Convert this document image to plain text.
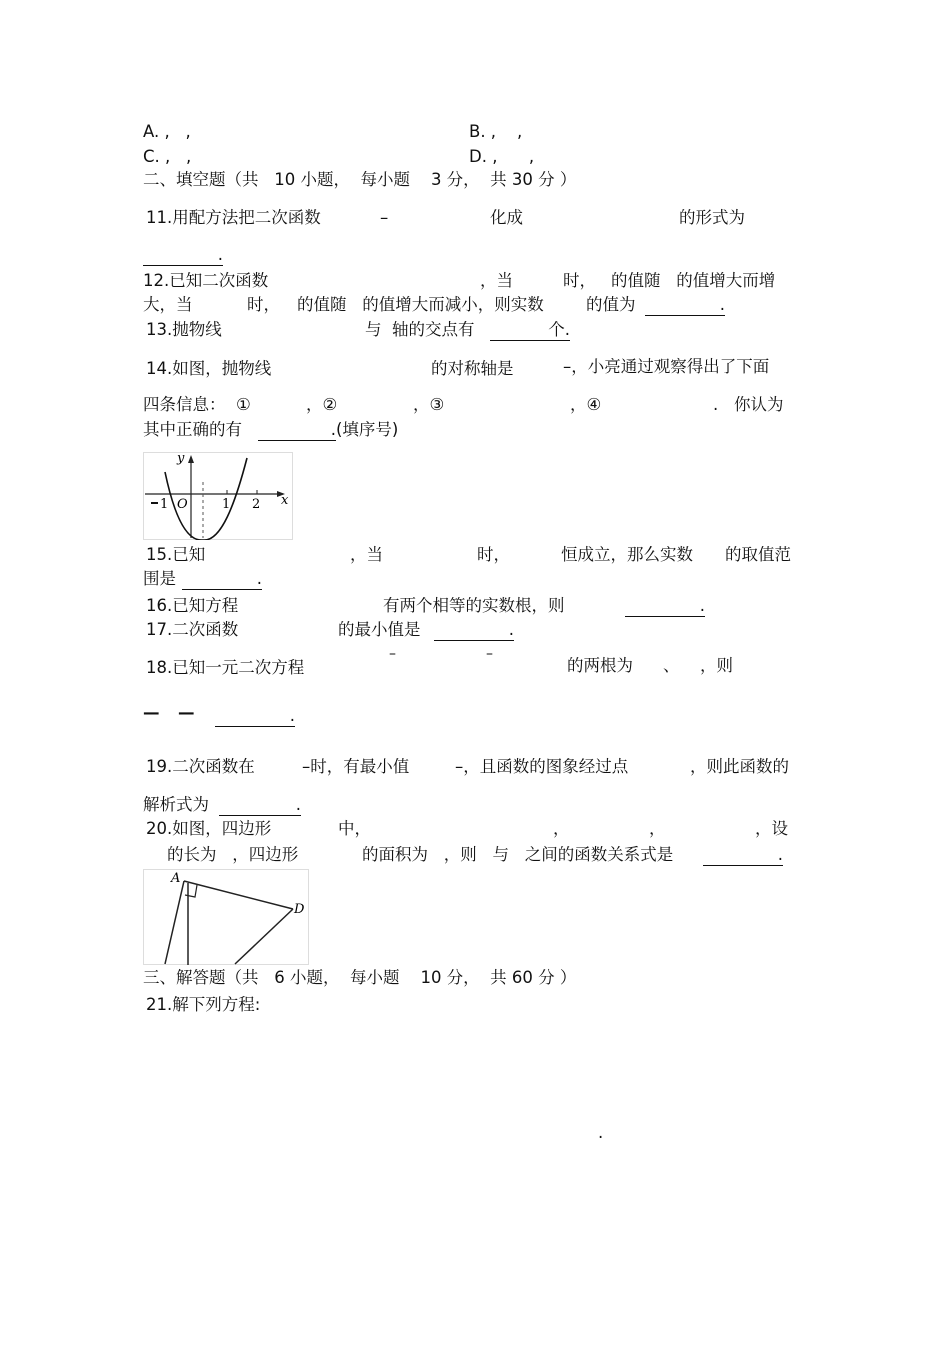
A. ,   ,	B. ,    ,
C. ,   ,	D. ,      ,
二、填空题（共   10 小题，  每小题    3 分，  共 30 分 ）
11.用配方法把二次函数	–	化成	的形式为
.
12.已知二次函数	，当	时， 的值随   的值增大而增
大，当	时， 的值随   的值增大而减小，则实数	的值为	.
13.抛物线	与  轴的交点有	个.
14.如图，抛物线	的对称轴是	–，小亮通过观察得出了下面
四条信息：  ①	，②	，③	，④	.   你认为
其中正确的有	. (填序号)
y
x
O
1	1 2
15.已知	，当	时，	恒成立，那么实数 的取值范
围是	.
16.已知方程	有两个相等的实数根，则	.
17.二次函数	的最小值是	.
–	–
18.已知一元二次方程	的两根为 、 ，则
— —	.
19.二次函数在	–时，有最小值	–，且函数的图象经过点	，则此函数的
解析式为	.
20.如图，四边形	中，	，	，	，设
的长为   ，四边形	的面积为   ，则   与   之间的函数关系式是	.
A
D
三、解答题（共   6 小题，  每小题    10 分，  共 60 分 ）
21.解下列方程:
.
